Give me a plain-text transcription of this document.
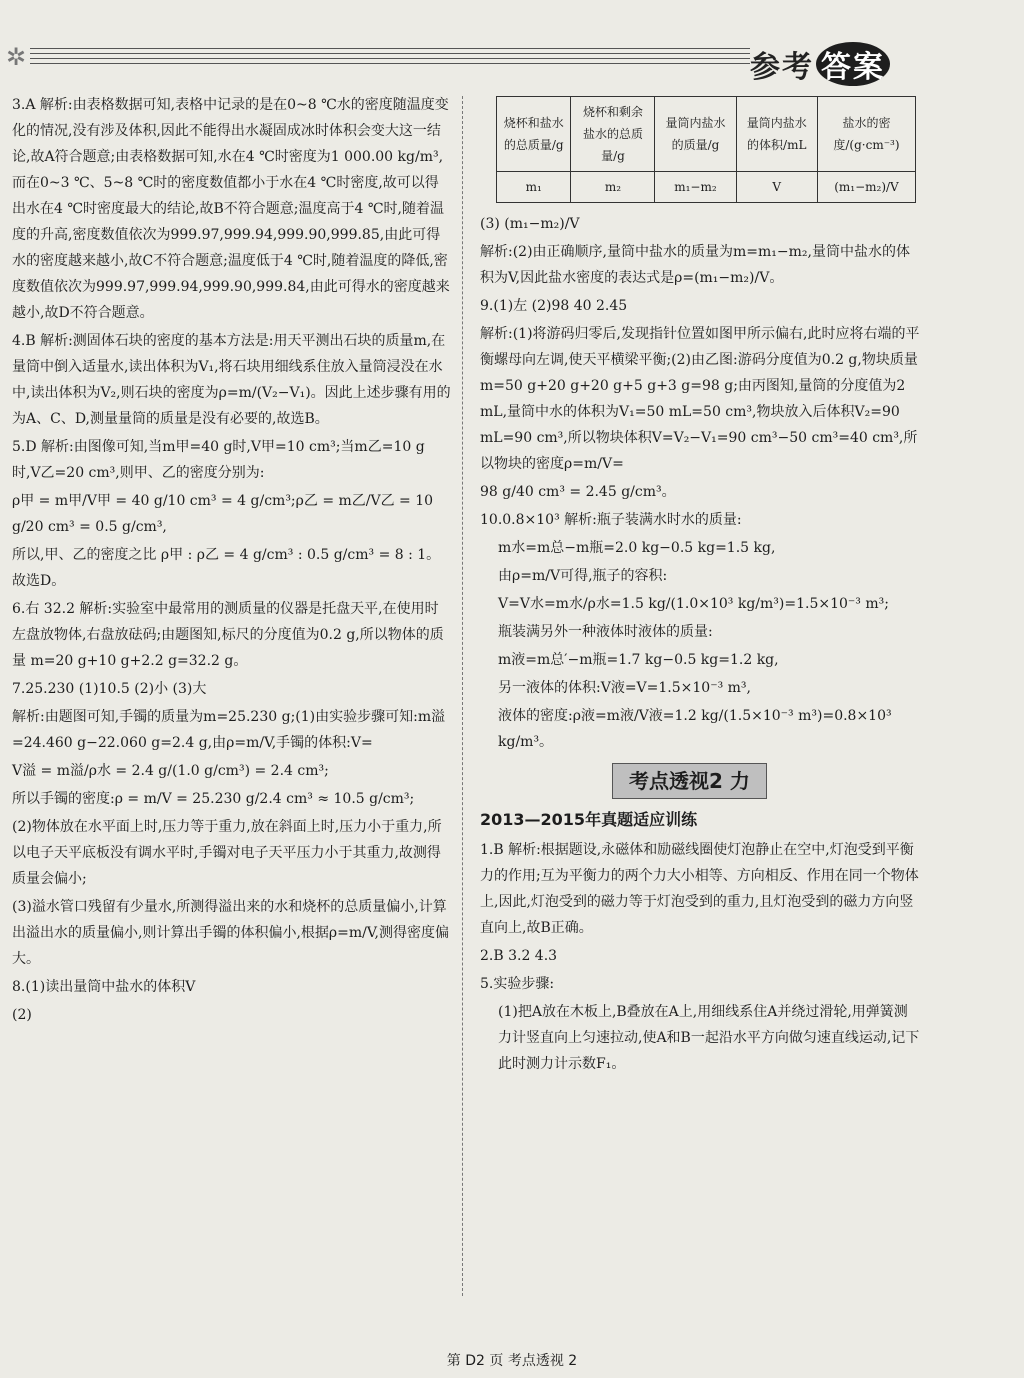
✲	参考 答案

3.A 解析:由表格数据可知,表格中记录的是在0~8 ℃水的密度随温度变化的情况,没有涉及体积,因此不能得出水凝固成冰时体积会变大这一结论,故A符合题意;由表格数据可知,水在4 ℃时密度为1 000.00 kg/m³,而在0~3 ℃、5~8 ℃时的密度数值都小于水在4 ℃时密度,故可以得出水在4 ℃时密度最大的结论,故B不符合题意;温度高于4 ℃时,随着温度的升高,密度数值依次为999.97,999.94,999.90,999.85,由此可得水的密度越来越小,故C不符合题意;温度低于4 ℃时,随着温度的降低,密度数值依次为999.97,999.94,999.90,999.84,由此可得水的密度越来越小,故D不符合题意。

4.B 解析:测固体石块的密度的基本方法是:用天平测出石块的质量m,在量筒中倒入适量水,读出体积为V₁,将石块用细线系住放入量筒浸没在水中,读出体积为V₂,则石块的密度为ρ=m/(V₂−V₁)。因此上述步骤有用的为A、C、D,测量量筒的质量是没有必要的,故选B。

5.D 解析:由图像可知,当m甲=40 g时,V甲=10 cm³;当m乙=10 g时,V乙=20 cm³,则甲、乙的密度分别为:

ρ甲 = m甲/V甲 = 40 g/10 cm³ = 4 g/cm³;ρ乙 = m乙/V乙 = 10 g/20 cm³ = 0.5 g/cm³,

所以,甲、乙的密度之比 ρ甲 : ρ乙 = 4 g/cm³ : 0.5 g/cm³ = 8 : 1。故选D。

6.右 32.2 解析:实验室中最常用的测质量的仪器是托盘天平,在使用时左盘放物体,右盘放砝码;由题图知,标尺的分度值为0.2 g,所以物体的质量 m=20 g+10 g+2.2 g=32.2 g。

7.25.230 (1)10.5 (2)小 (3)大

解析:由题图可知,手镯的质量为m=25.230 g;(1)由实验步骤可知:m溢=24.460 g−22.060 g=2.4 g,由ρ=m/V,手镯的体积:V=

V溢 = m溢/ρ水 = 2.4 g/(1.0 g/cm³) = 2.4 cm³;

所以手镯的密度:ρ = m/V = 25.230 g/2.4 cm³ ≈ 10.5 g/cm³;

(2)物体放在水平面上时,压力等于重力,放在斜面上时,压力小于重力,所以电子天平底板没有调水平时,手镯对电子天平压力小于其重力,故测得质量会偏小;

(3)溢水管口残留有少量水,所测得溢出来的水和烧杯的总质量偏小,计算出溢出水的质量偏小,则计算出手镯的体积偏小,根据ρ=m/V,测得密度偏大。

8.(1)读出量筒中盐水的体积V

(2)

烧杯和盐水的总质量/g	烧杯和剩余盐水的总质量/g	量筒内盐水的质量/g	量筒内盐水的体积/mL	盐水的密度/(g·cm⁻³)
m₁	m₂	m₁−m₂	V	(m₁−m₂)/V

(3) (m₁−m₂)/V

解析:(2)由正确顺序,量筒中盐水的质量为m=m₁−m₂,量筒中盐水的体积为V,因此盐水密度的表达式是ρ=(m₁−m₂)/V。

9.(1)左 (2)98 40 2.45

解析:(1)将游码归零后,发现指针位置如图甲所示偏右,此时应将右端的平衡螺母向左调,使天平横梁平衡;(2)由乙图:游码分度值为0.2 g,物块质量m=50 g+20 g+20 g+5 g+3 g=98 g;由丙图知,量筒的分度值为2 mL,量筒中水的体积为V₁=50 mL=50 cm³,物块放入后体积V₂=90 mL=90 cm³,所以物块体积V=V₂−V₁=90 cm³−50 cm³=40 cm³,所以物块的密度ρ=m/V=

98 g/40 cm³ = 2.45 g/cm³。

10.0.8×10³ 解析:瓶子装满水时水的质量:

m水=m总−m瓶=2.0 kg−0.5 kg=1.5 kg,

由ρ=m/V可得,瓶子的容积:

V=V水=m水/ρ水=1.5 kg/(1.0×10³ kg/m³)=1.5×10⁻³ m³;

瓶装满另外一种液体时液体的质量:

m液=m总′−m瓶=1.7 kg−0.5 kg=1.2 kg,

另一液体的体积:V液=V=1.5×10⁻³ m³,

液体的密度:ρ液=m液/V液=1.2 kg/(1.5×10⁻³ m³)=0.8×10³ kg/m³。

考点透视2 力
2013—2015年真题适应训练

1.B 解析:根据题设,永磁体和励磁线圈使灯泡静止在空中,灯泡受到平衡力的作用;互为平衡力的两个力大小相等、方向相反、作用在同一个物体上,因此,灯泡受到的磁力等于灯泡受到的重力,且灯泡受到的磁力方向竖直向上,故B正确。

2.B 3.2 4.3

5.实验步骤:

(1)把A放在木板上,B叠放在A上,用细线系住A并绕过滑轮,用弹簧测力计竖直向上匀速拉动,使A和B一起沿水平方向做匀速直线运动,记下此时测力计示数F₁。

第 D2 页 考点透视 2
